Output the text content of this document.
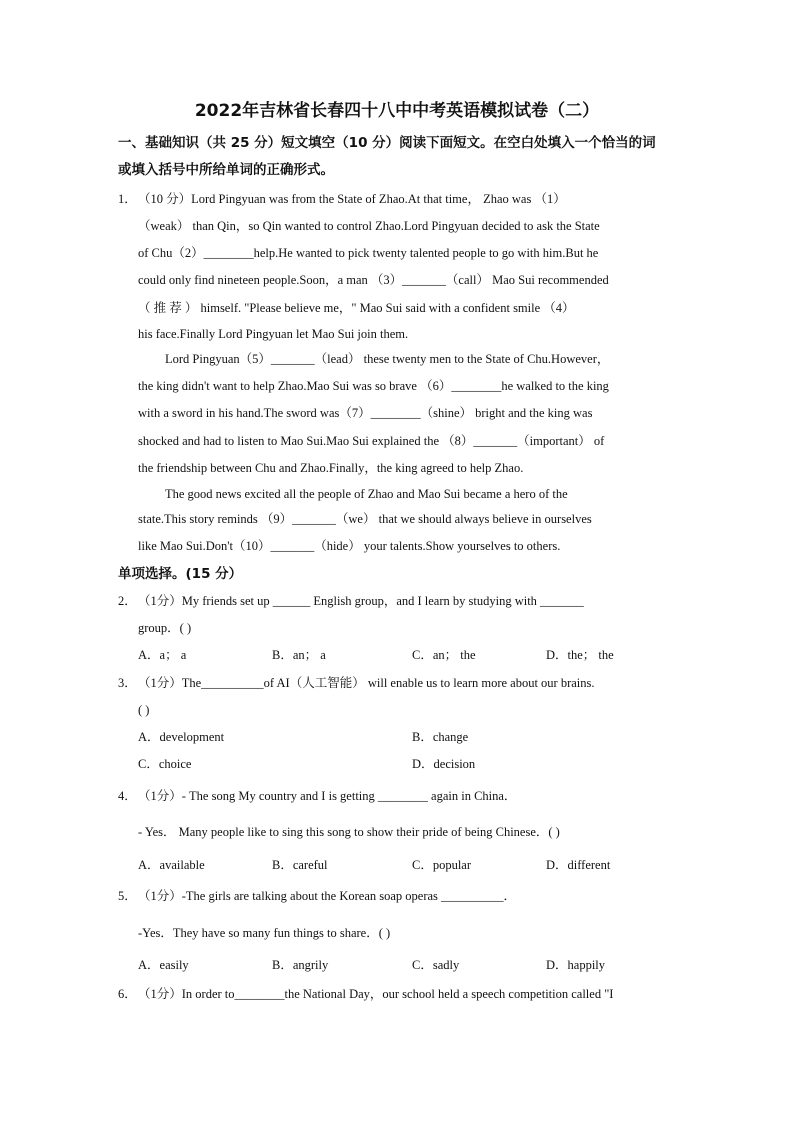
2022年吉林省长春四十八中中考英语模拟试卷（二）
一、基础知识（共 25 分）短文填空（10 分）阅读下面短文。在空白处填入一个恰当的词
或填入括号中所给单词的正确形式。
1． （10 分）Lord Pingyuan was from the State of Zhao.At that time， Zhao was （1）
（weak） than Qin，so Qin wanted to control Zhao.Lord Pingyuan decided to ask the State
of Chu（2）________help.He wanted to pick twenty talented people to go with him.But he
could only find nineteen people.Soon，a man （3）_______（call） Mao Sui recommended
（ 推 荐 ） himself. "Please believe me，" Mao Sui said with a confident smile （4）
his face.Finally Lord Pingyuan let Mao Sui join them.
Lord Pingyuan（5）_______（lead） these twenty men to the State of Chu.However，
the king didn't want to help Zhao.Mao Sui was so brave （6）________he walked to the king
with a sword in his hand.The sword was（7）________（shine） bright and the king was
shocked and had to listen to Mao Sui.Mao Sui explained the （8）_______（important） of
the friendship between Chu and Zhao.Finally，the king agreed to help Zhao.
The good news excited all the people of Zhao and Mao Sui became a hero of the
state.This story reminds （9）_______（we） that we should always believe in ourselves
like Mao Sui.Don't（10）_______（hide） your talents.Show yourselves to others.
单项选择。(15 分）
2． （1分）My friends set up ______ English group，and I learn by studying with _______
group．( )
A．a； a	B．an； a	C．an； the	D．the； the
3． （1分）The__________of AI（人工智能） will enable us to learn more about our brains.
( )
A．development	B．change
C．choice	D．decision
4． （1分）- The song My country and I is getting ________ again in China．
- Yes． Many people like to sing this song to show their pride of being Chinese．( )
A．available	B．careful	C．popular	D．different
5． （1分）-The girls are talking about the Korean soap operas __________．
-Yes．They have so many fun things to share．( )
A．easily	B．angrily	C．sadly	D．happily
6． （1分）In order to________the National Day，our school held a speech competition called "I
